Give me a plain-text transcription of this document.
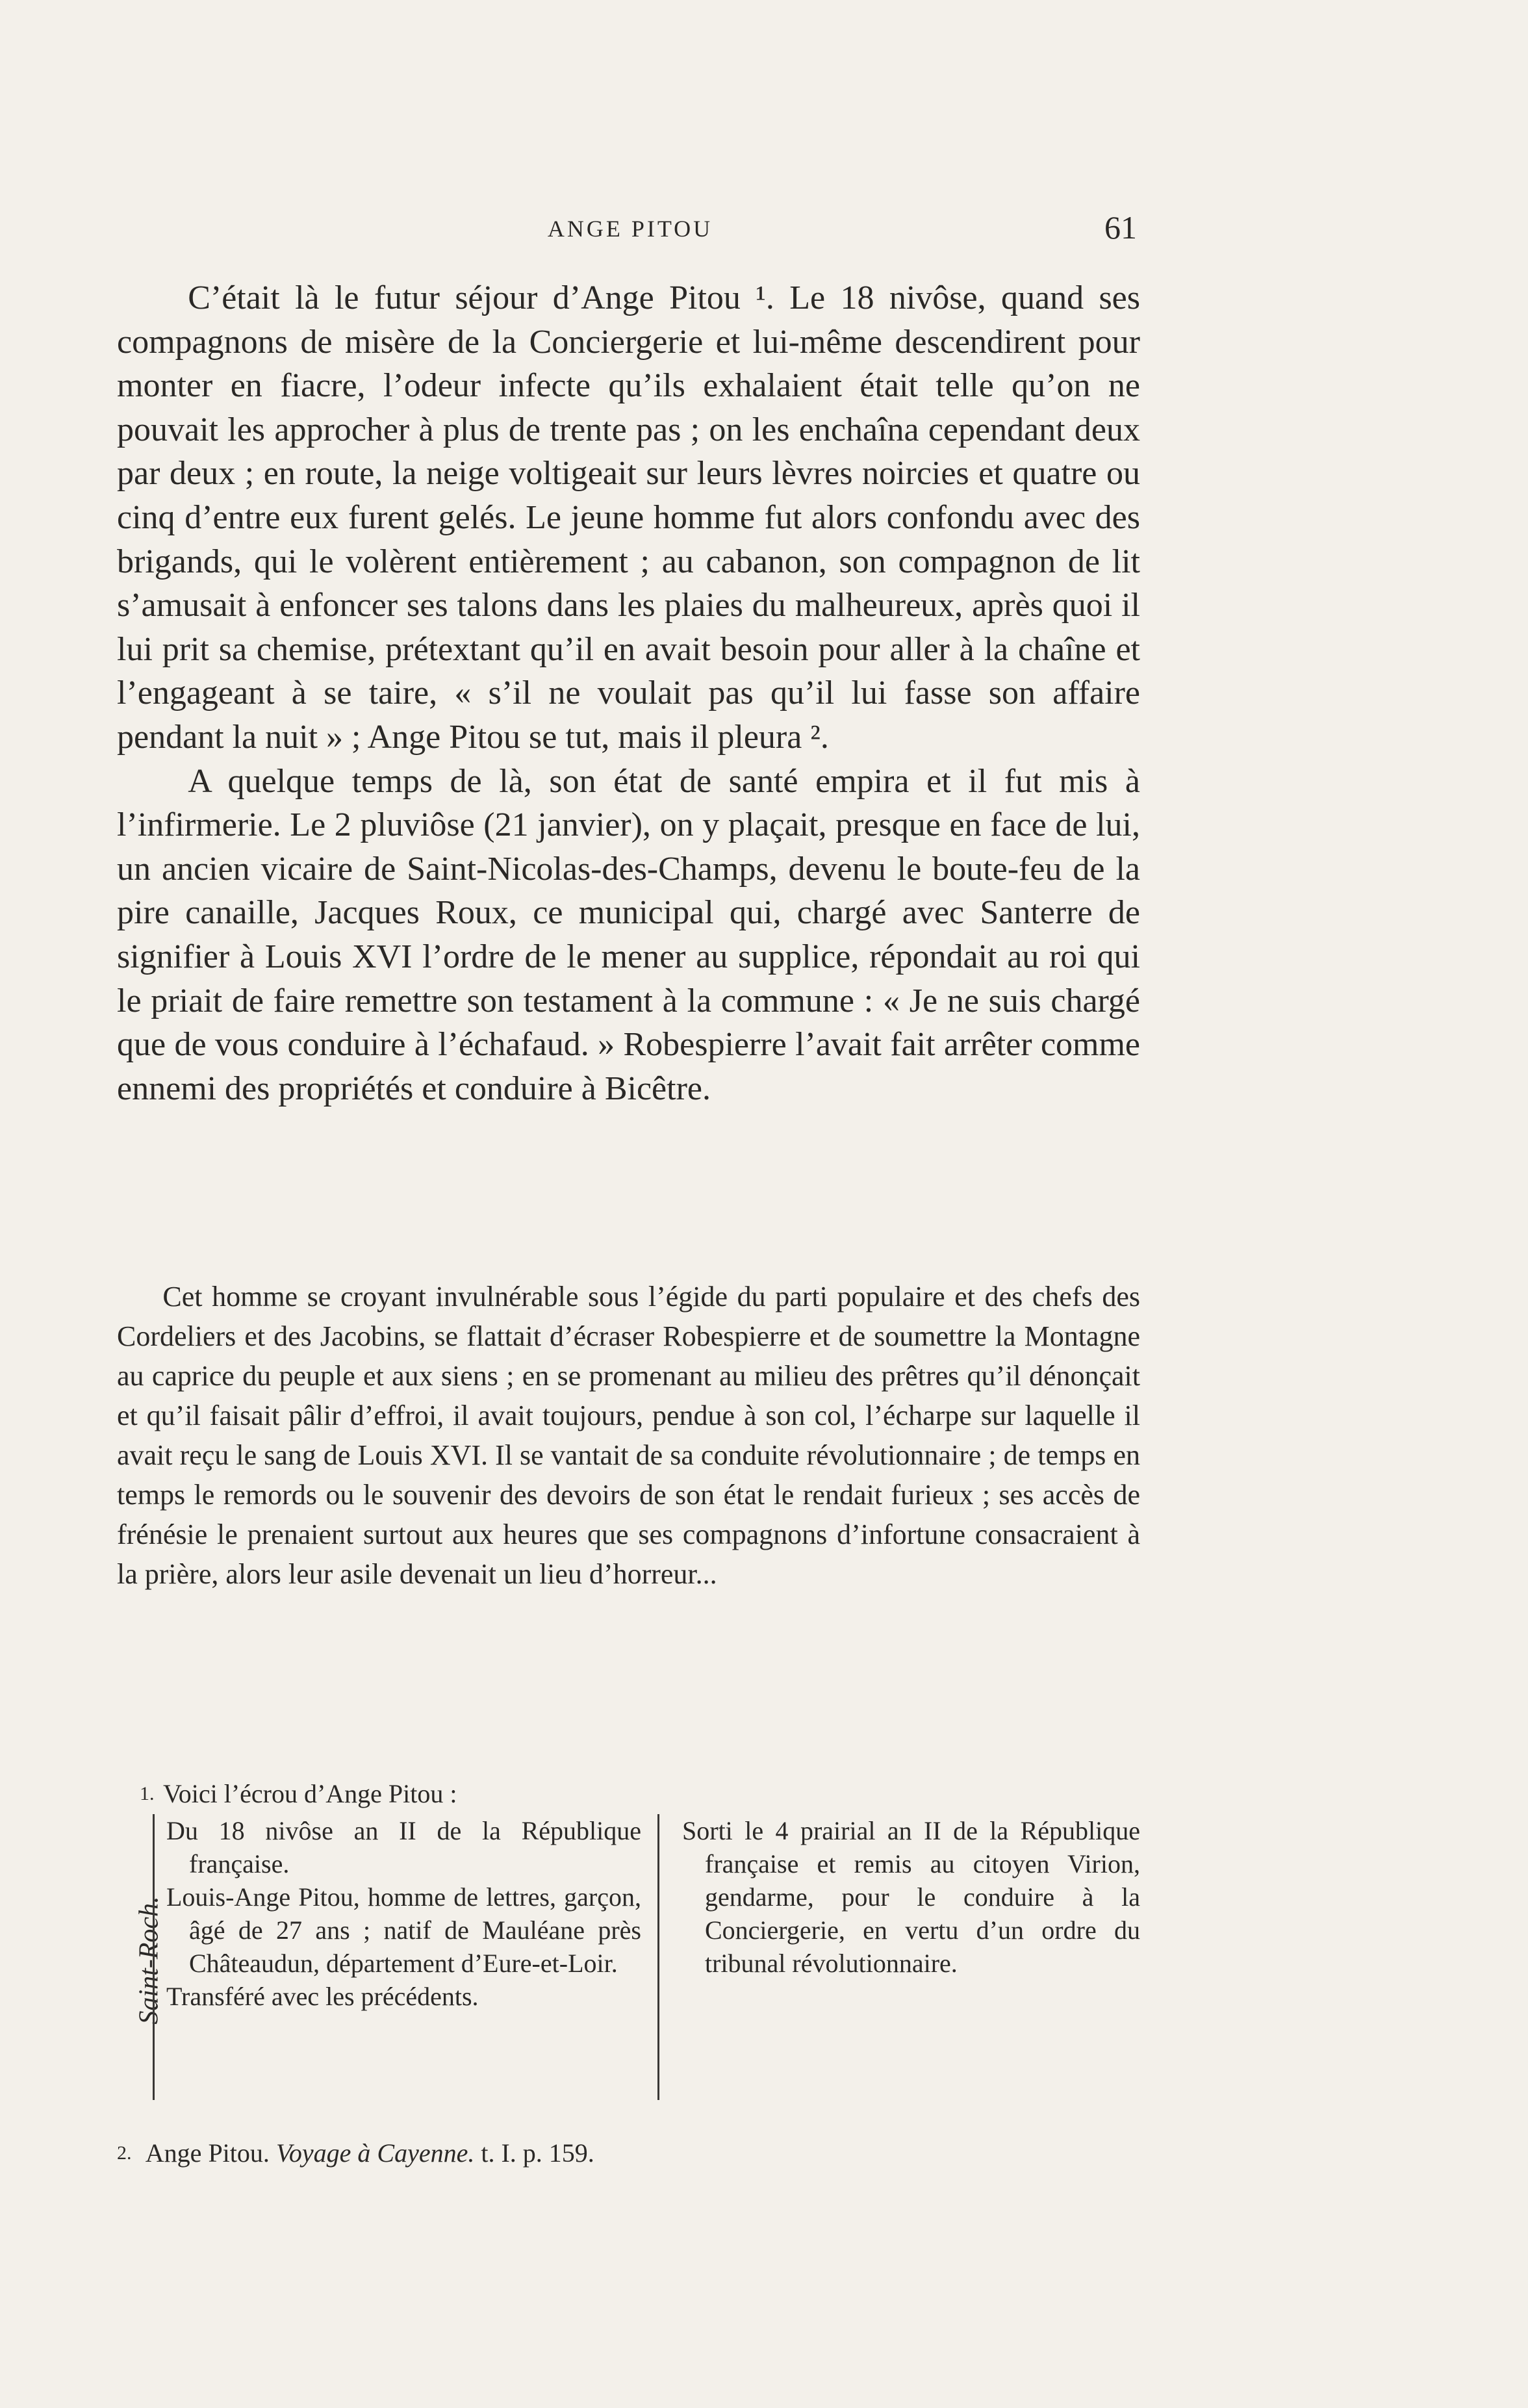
ANGE PITOU	61

C’était là le futur séjour d’Ange Pitou ¹. Le 18 nivôse, quand ses compagnons de misère de la Conciergerie et lui-même descendirent pour monter en fiacre, l’odeur infecte qu’ils exhalaient était telle qu’on ne pouvait les approcher à plus de trente pas ; on les enchaîna cependant deux par deux ; en route, la neige voltigeait sur leurs lèvres noircies et quatre ou cinq d’entre eux furent gelés. Le jeune homme fut alors confondu avec des brigands, qui le volèrent entièrement ; au cabanon, son compagnon de lit s’amusait à enfoncer ses talons dans les plaies du malheureux, après quoi il lui prit sa chemise, prétextant qu’il en avait besoin pour aller à la chaîne et l’engageant à se taire, « s’il ne voulait pas qu’il lui fasse son affaire pendant la nuit » ; Ange Pitou se tut, mais il pleura ².

A quelque temps de là, son état de santé empira et il fut mis à l’infirmerie. Le 2 pluviôse (21 janvier), on y plaçait, presque en face de lui, un ancien vicaire de Saint-Nicolas-des-Champs, devenu le boute-feu de la pire canaille, Jacques Roux, ce municipal qui, chargé avec Santerre de signifier à Louis XVI l’ordre de le mener au supplice, répondait au roi qui le priait de faire remettre son testament à la commune : « Je ne suis chargé que de vous conduire à l’échafaud. » Robespierre l’avait fait arrêter comme ennemi des propriétés et conduire à Bicêtre.

Cet homme se croyant invulnérable sous l’égide du parti populaire et des chefs des Cordeliers et des Jacobins, se flattait d’écraser Robespierre et de soumettre la Montagne au caprice du peuple et aux siens ; en se promenant au milieu des prêtres qu’il dénonçait et qu’il faisait pâlir d’effroi, il avait toujours, pendue à son col, l’écharpe sur laquelle il avait reçu le sang de Louis XVI. Il se vantait de sa conduite révolutionnaire ; de temps en temps le remords ou le souvenir des devoirs de son état le rendait furieux ; ses accès de frénésie le prenaient surtout aux heures que ses compagnons d’infortune consacraient à la prière, alors leur asile devenait un lieu d’horreur...

1. Voici l’écrou d’Ange Pitou :
Saint-Roch.

Du 18 nivôse an II de la République française.

Louis-Ange Pitou, homme de lettres, garçon, âgé de 27 ans ; natif de Mauléane près Châteaudun, département d’Eure-et-Loir.

Transféré avec les précédents.

Sorti le 4 prairial an II de la République française et remis au citoyen Virion, gendarme, pour le conduire à la Conciergerie, en vertu d’un ordre du tribunal révolutionnaire.

2. Ange Pitou. Voyage à Cayenne. t. I. p. 159.
